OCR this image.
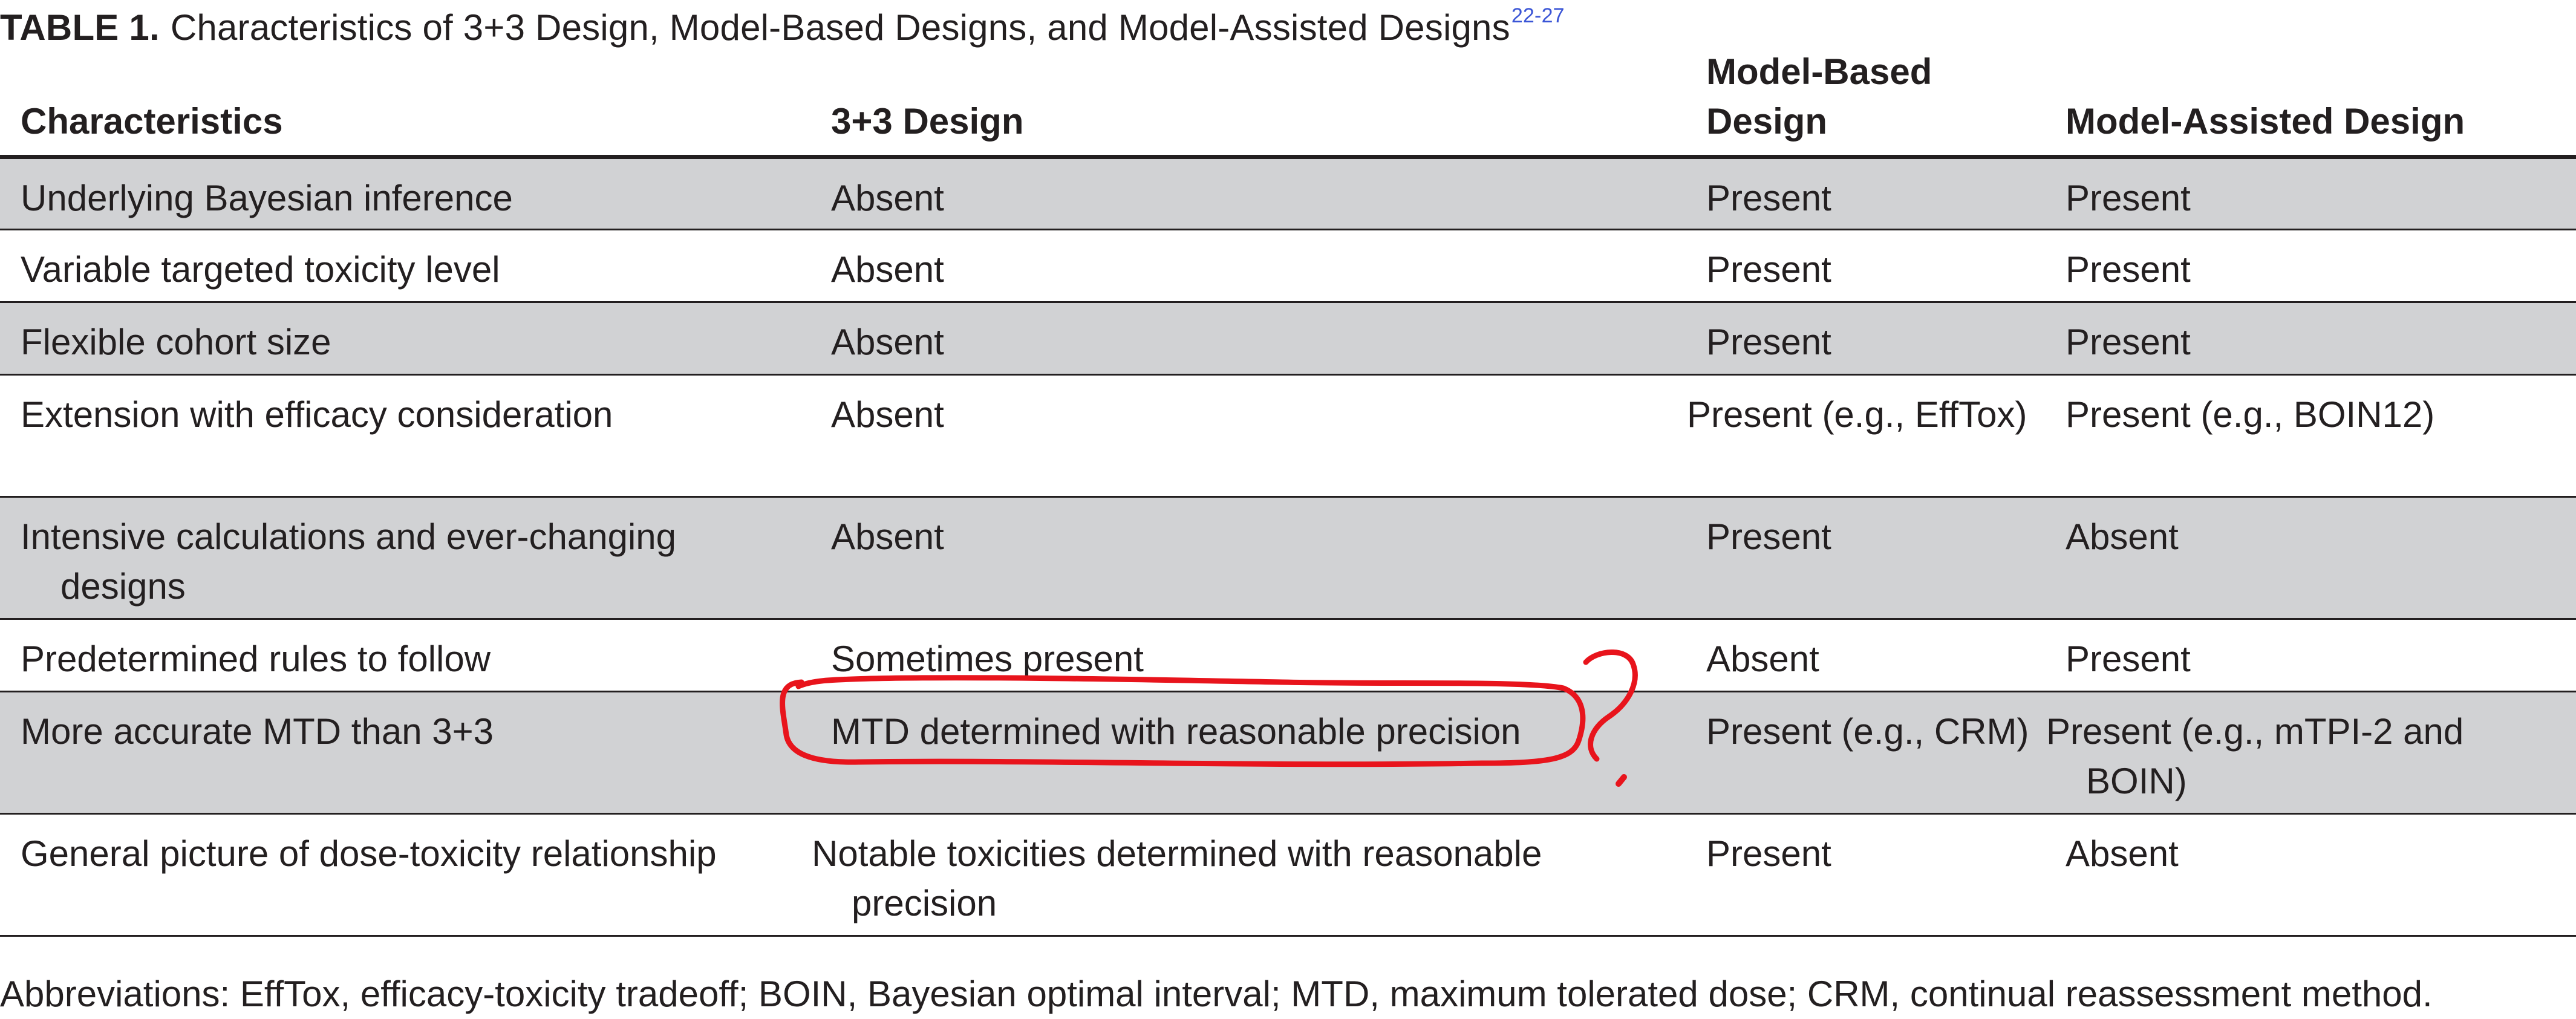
TABLE 1. Characteristics of 3+3 Design, Model-Based Designs, and Model-Assisted Designs$^{22-27}$
Characteristics	3+3 Design	Model-Based Design	Model-Assisted Design
Underlying Bayesian inference	Absent	Present	Present
Variable targeted toxicity level	Absent	Present	Present
Flexible cohort size	Absent	Present	Present
Extension with efficacy consideration	Absent	Present (e.g., EffTox)	Present (e.g., BOIN12)
Intensive calculations and ever-changing designs	Absent	Present	Absent
Predetermined rules to follow	Sometimes present	Absent	Present
More accurate MTD than 3+3	MTD determined with reasonable precision	Present (e.g., CRM)	Present (e.g., mTPI-2 and BOIN)
General picture of dose-toxicity relationship	Notable toxicities determined with reasonable precision	Present	Absent
Abbreviations: EffTox, efficacy-toxicity tradeoff; BOIN, Bayesian optimal interval; MTD, maximum tolerated dose; CRM, continual reassessment method.
